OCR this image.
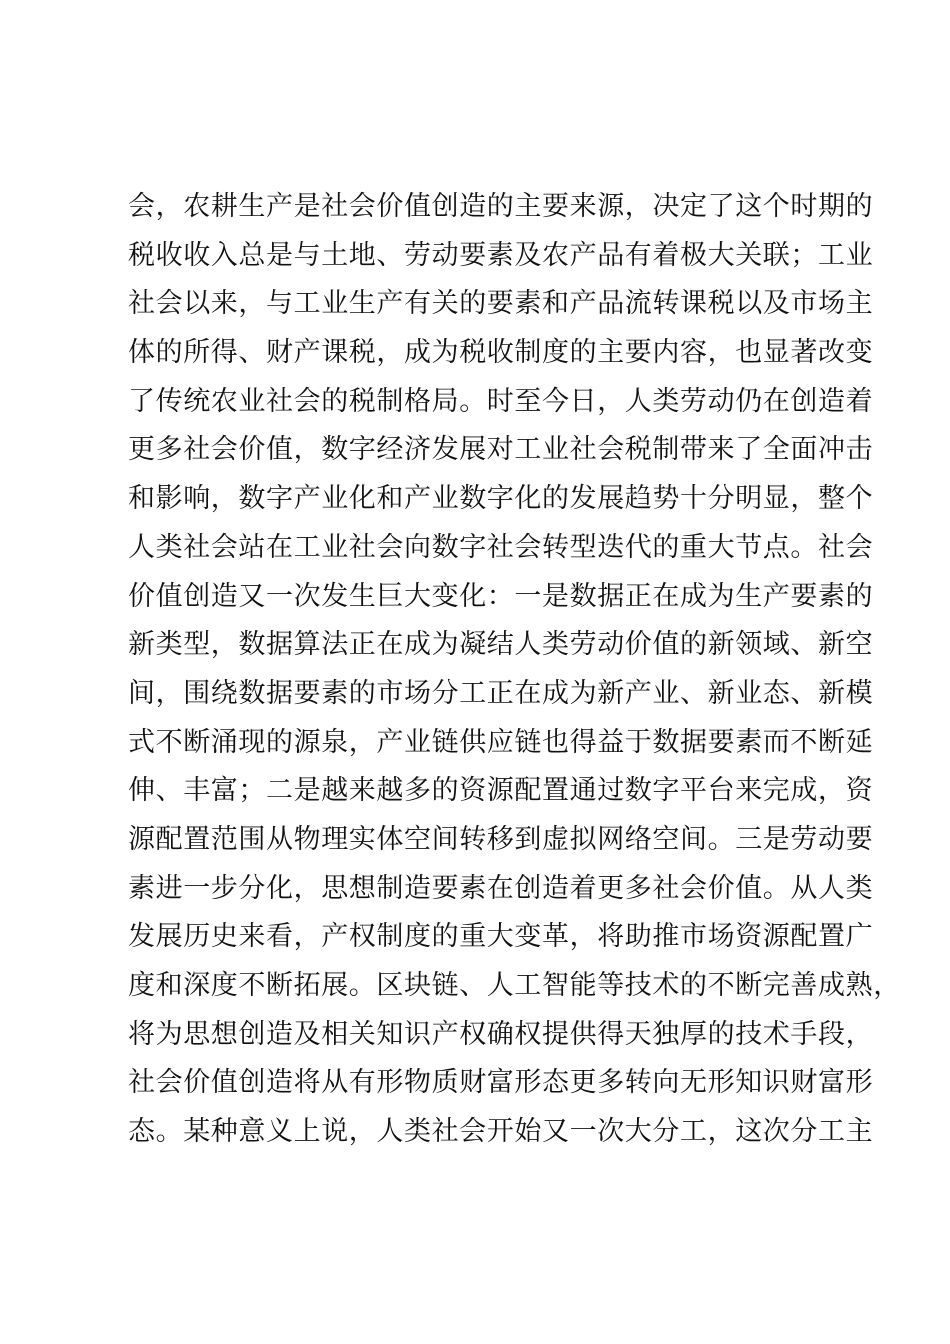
会，农耕生产是社会价值创造的主要来源，决定了这个时期的
税收收入总是与土地、劳动要素及农产品有着极大关联；工业
社会以来，与工业生产有关的要素和产品流转课税以及市场主
体的所得、财产课税，成为税收制度的主要内容，也显著改变
了传统农业社会的税制格局。时至今日，人类劳动仍在创造着
更多社会价值，数字经济发展对工业社会税制带来了全面冲击
和影响，数字产业化和产业数字化的发展趋势十分明显，整个
人类社会站在工业社会向数字社会转型迭代的重大节点。社会
价值创造又一次发生巨大变化：一是数据正在成为生产要素的
新类型，数据算法正在成为凝结人类劳动价值的新领域、新空
间，围绕数据要素的市场分工正在成为新产业、新业态、新模
式不断涌现的源泉，产业链供应链也得益于数据要素而不断延
伸、丰富；二是越来越多的资源配置通过数字平台来完成，资
源配置范围从物理实体空间转移到虚拟网络空间。三是劳动要
素进一步分化，思想制造要素在创造着更多社会价值。从人类
发展历史来看，产权制度的重大变革，将助推市场资源配置广
度和深度不断拓展。区块链、人工智能等技术的不断完善成熟，
将为思想创造及相关知识产权确权提供得天独厚的技术手段，
社会价值创造将从有形物质财富形态更多转向无形知识财富形
态。某种意义上说，人类社会开始又一次大分工，这次分工主
